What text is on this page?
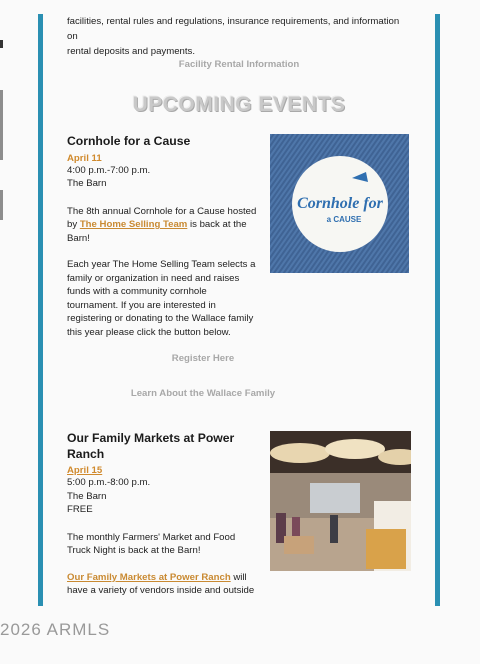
facilities, rental rules and regulations, insurance requirements, and information on

rental deposits and payments.

Facility Rental Information
UPCOMING EVENTS
Cornhole for a Cause
April 11
4:00 p.m.-7:00 p.m.
The Barn
The 8th annual Cornhole for a Cause hosted by The Home Selling Team is back at the Barn!
Each year The Home Selling Team selects a family or organization in need and raises funds with a community cornhole tournament. If you are interested in registering or donating to the Wallace family this year please click the button below.
Cornhole for
a CAUSE
Register Here
Learn About the Wallace Family
Our Family Markets at Power Ranch
April 15
5:00 p.m.-8:00 p.m.
The Barn
FREE
The monthly Farmers' Market and Food Truck Night is back at the Barn!
Our Family Markets at Power Ranch will have a variety of vendors inside and outside
2026 ARMLS
